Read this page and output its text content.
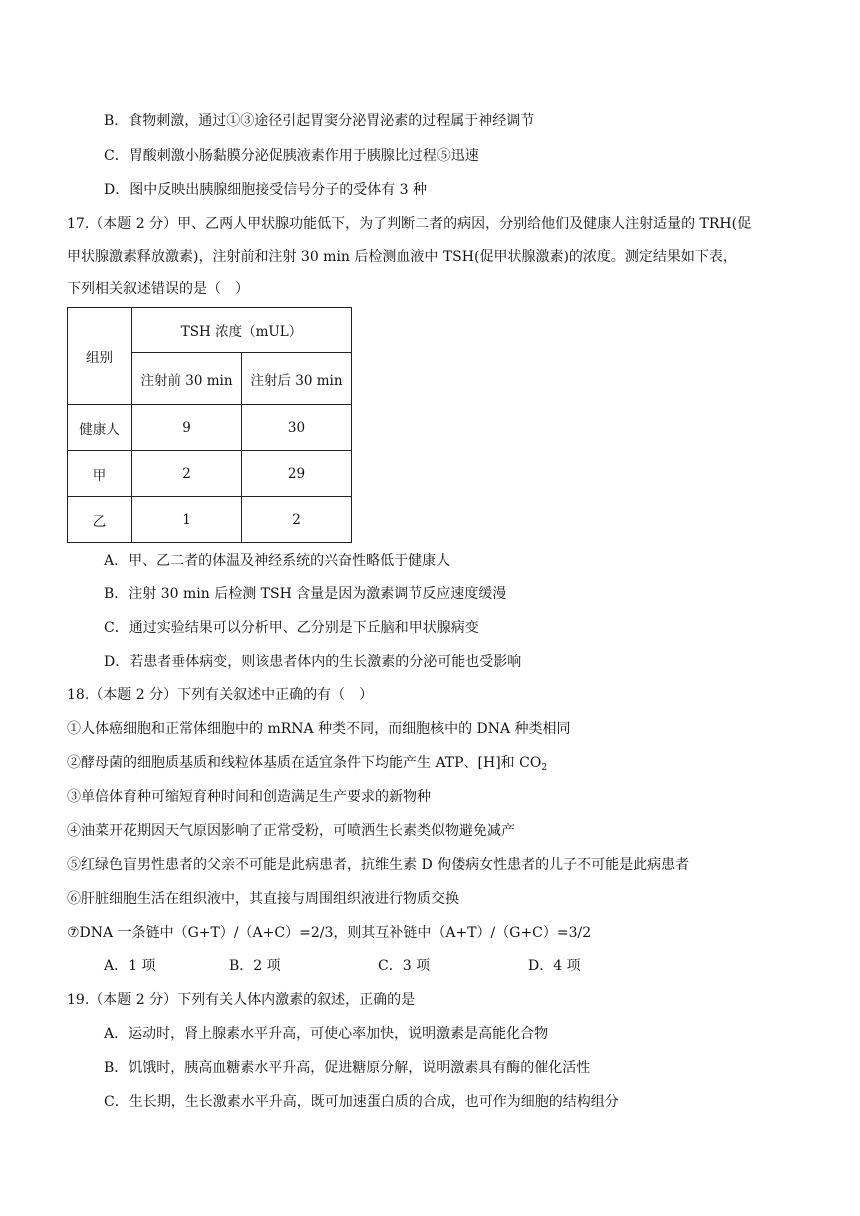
B．食物刺激，通过①③途径引起胃窦分泌胃泌素的过程属于神经调节
C．胃酸刺激小肠黏膜分泌促胰液素作用于胰腺比过程⑤迅速
D．图中反映出胰腺细胞接受信号分子的受体有 3 种
17.（本题 2 分）甲、乙两人甲状腺功能低下，为了判断二者的病因，分别给他们及健康人注射适量的 TRH(促
甲状腺激素释放激素)，注射前和注射 30 min 后检测血液中 TSH(促甲状腺激素)的浓度。测定结果如下表，
下列相关叙述错误的是（　）
组别	TSH 浓度（mUL）	
	注射前 30 min	注射后 30 min
健康人	9	30
甲	2	29
乙	1	2
A．甲、乙二者的体温及神经系统的兴奋性略低于健康人
B．注射 30 min 后检测 TSH 含量是因为激素调节反应速度缓漫
C．通过实验结果可以分析甲、乙分别是下丘脑和甲状腺病变
D．若患者垂体病变，则该患者体内的生长激素的分泌可能也受影响
18.（本题 2 分）下列有关叙述中正确的有（　）
①人体癌细胞和正常体细胞中的 mRNA 种类不同，而细胞核中的 DNA 种类相同
②酵母菌的细胞质基质和线粒体基质在适宜条件下均能产生 ATP、[H]和 $CO_2$
③单倍体育种可缩短育种时间和创造满足生产要求的新物种
④油菜开花期因天气原因影响了正常受粉，可喷洒生长素类似物避免减产
⑤红绿色盲男性患者的父亲不可能是此病患者，抗维生素 D 佝偻病女性患者的儿子不可能是此病患者
⑥肝脏细胞生活在组织液中，其直接与周围组织液进行物质交换
⑦DNA 一条链中（G+T）/（A+C）=2/3，则其互补链中（A+T）/（G+C）=3/2
A．1 项	B．2 项	C．3 项	D．4 项
19.（本题 2 分）下列有关人体内激素的叙述，正确的是
A．运动时，肾上腺素水平升高，可使心率加快，说明激素是高能化合物
B．饥饿时，胰高血糖素水平升高，促进糖原分解，说明激素具有酶的催化活性
C．生长期，生长激素水平升高，既可加速蛋白质的合成，也可作为细胞的结构组分
